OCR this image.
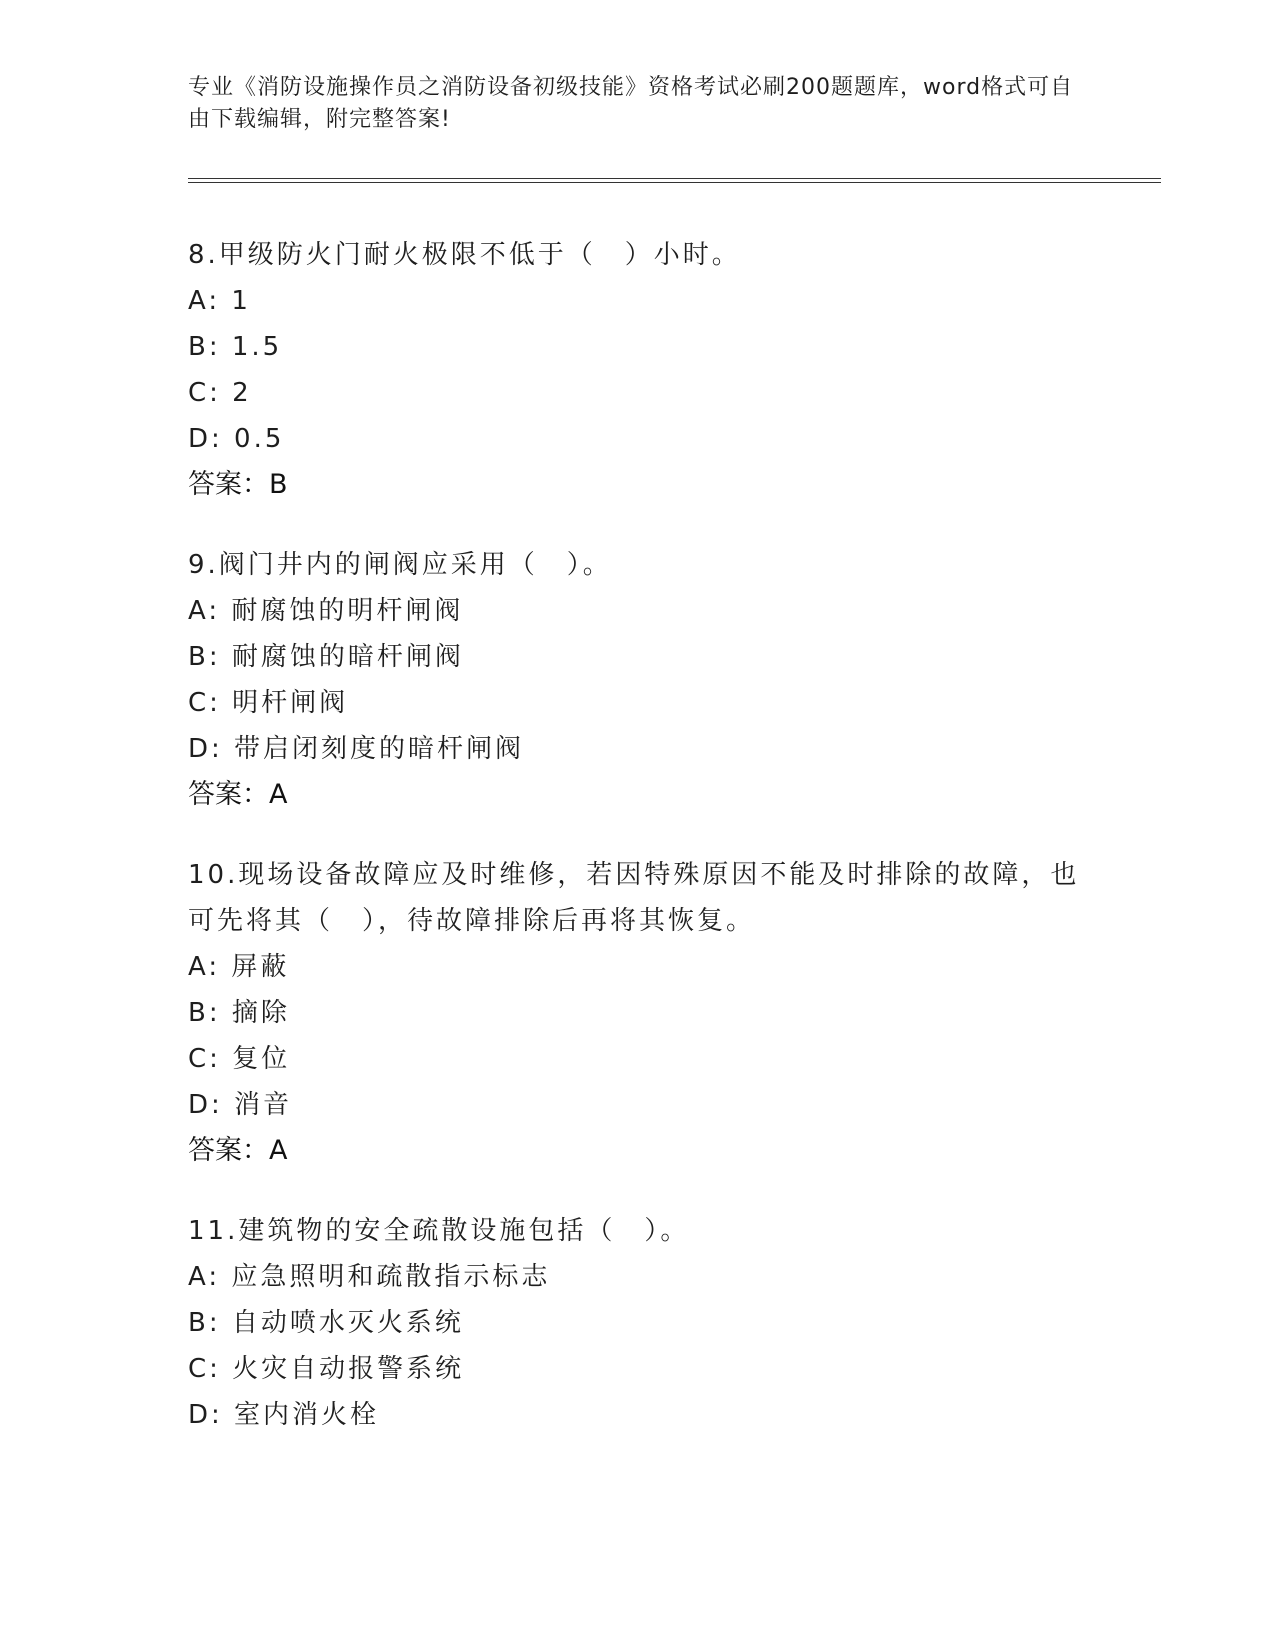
专业《消防设施操作员之消防设备初级技能》资格考试必刷200题题库，word格式可自由下载编辑，附完整答案!
8.甲级防火门耐火极限不低于（　）小时。
A: 1
B: 1.5
C: 2
D: 0.5
答案：B
9.阀门井内的闸阀应采用（　）。
A: 耐腐蚀的明杆闸阀
B: 耐腐蚀的暗杆闸阀
C: 明杆闸阀
D: 带启闭刻度的暗杆闸阀
答案：A
10.现场设备故障应及时维修，若因特殊原因不能及时排除的故障，也可先将其（　），待故障排除后再将其恢复。
A: 屏蔽
B: 摘除
C: 复位
D: 消音
答案：A
11.建筑物的安全疏散设施包括（　）。
A: 应急照明和疏散指示标志
B: 自动喷水灭火系统
C: 火灾自动报警系统
D: 室内消火栓
